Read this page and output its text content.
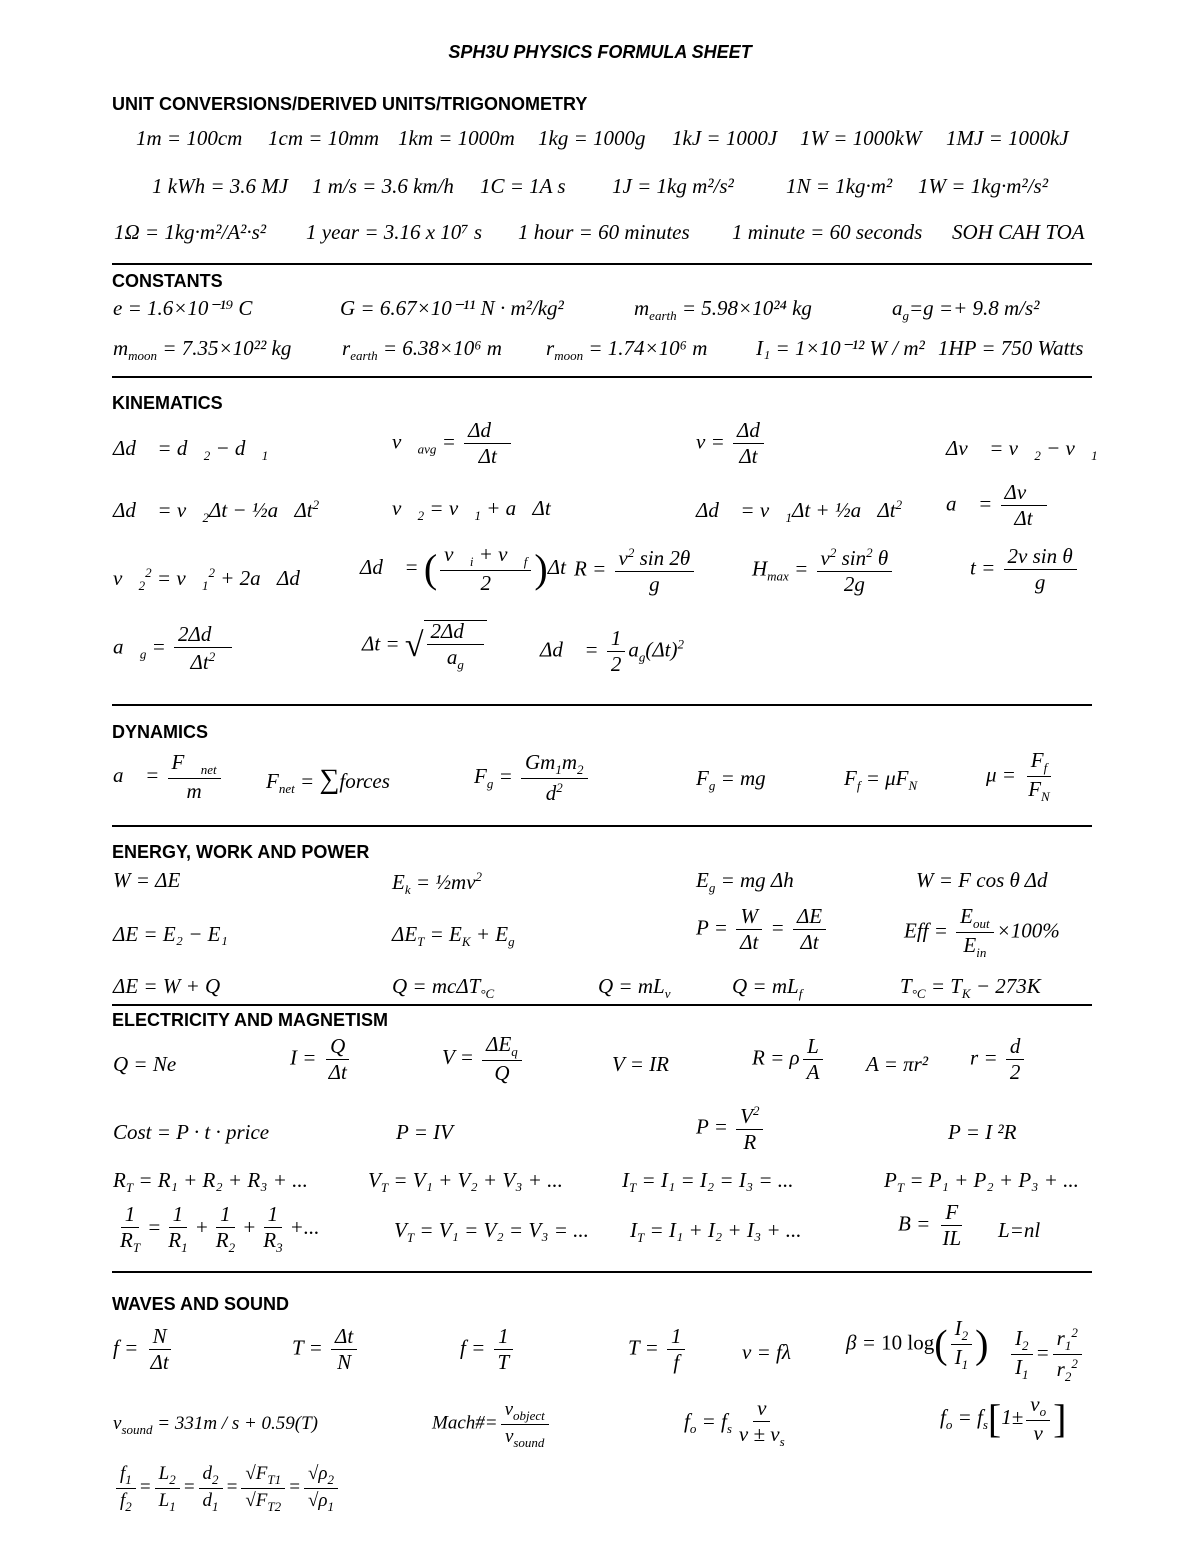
SPH3U PHYSICS FORMULA SHEET
UNIT CONVERSIONS/DERIVED UNITS/TRIGONOMETRY
1m = 100cm 1cm = 10mm 1km = 1000m 1kg = 1000g 1kJ = 1000J 1W = 1000kW 1MJ = 1000kJ
1 kWh = 3.6 MJ 1 m/s = 3.6 km/h 1C = 1A s 1J = 1kg m²/s² 1N = 1kg·m² 1W = 1kg·m²/s²
1Ω = 1kg·m²/A²·s² 1 year = 3.16 x 10⁷ s 1 hour = 60 minutes 1 minute = 60 seconds SOH CAH TOA
CONSTANTS
e = 1.6×10⁻¹⁹ C	G = 6.67×10⁻¹¹ N · m²/kg²	$m_{earth} = 5.98\times 10^{24}$ kg	$a_g=g =+ 9.8$ m/s²
$m_{moon} = 7.35\times 10^{22}$ kg $r_{earth} = 6.38\times 10^6$ m $r_{moon} = 1.74\times 10^6$ m I₁ = 1×10⁻¹² W / m² 1HP = 750 Watts
KINEMATICS
Δd⃗ = $d⃗_2$ − $d⃗_1$
$v⃗_{avg} = \frac{\Delta d⃗}{\Delta t}$	$v = \frac{\Delta d}{\Delta t}$	Δv⃗ = $v⃗_2$ − $v⃗_1$
Δd⃗ = $v⃗_2\Delta t$ − $\frac{1}{2}a⃗\Delta t^2$	$v⃗_2$ = $v⃗_1$ + a⃗Δt	Δd⃗ = $v⃗_1\Delta t$ + $\frac{1}{2}a⃗\Delta t^2$ a⃗ = $\frac{\Delta v⃗}{\Delta t}$
$v⃗_2^2$ = $v⃗_1^2$ + 2a⃗Δd⃗ Δd⃗ = ( $\frac{v⃗_i + v⃗_f}{2} )\Delta t$ $R = \frac{v^2 \sin 2\theta}{g}$	$H_{max} = \frac{v^2 \sin^2 \theta}{2g}$	$t = \frac{\text{2v sin θ}}{g}$
$a⃗_g = \frac{2\Delta d⃗}{\Delta t^2}$	Δt = √ $\frac{2\Delta d⃗}{a_g}$	Δd⃗ = $\frac{1}{2} a_g(\Delta t)^2$
DYNAMICS
a⃗ = $\frac{F⃗_{net}}{m} F_{net}$ = ∑forces	$F_g = \frac{Gm_1m_2}{d^2}$	$F_g$ = mg	$F_f = \mu F_N$	$\mu = \frac{F_f}{F_N}$
ENERGY, WORK AND POWER
W = ΔE	$E_k$ = $\frac{1}{2}mv^2$	$E_g$ = mg Δh	W = F cos θ Δd
ΔE = E₂ − E₁	$\Delta E_T = E_K + E_g$
$P = \frac{W}{\Delta t} = \frac{\Delta E}{\Delta t}$	Eff = $\frac{E_{out}}{E_{in}} \times 100\%$
ΔE = W + Q	Q = mcΔT$_{^\circ C}$	$Q = mL_v$	$Q = mL_f$	$T_{^\circ C} = T_K - 273K$
ELECTRICITY AND MAGNETISM
Q = Ne	$I = \frac{Q}{\Delta t}$	$V = \frac{\Delta E_q}{Q}$	V = IR	R = ρ $\frac{L}{A}$ A = πr² $r = \frac{d}{2}$
Cost = P · t · price	P = IV	$P = \frac{V^2}{R}$	P = I ²R
$R_T = R_1 + R_2 + R_3$ + ...	$V_T = V_1 + V_2 + V_3$ + ...	$I_T = I_1 = I_2 = I_3$ = ...	$P_T = P_1 + P_2 + P_3$ + ...
$\frac{1}{R_T} = \frac{1}{R_1} + \frac{1}{R_2} + \frac{1}{R_3}$ +...	$V_T = V_1 = V_2 = V_3$ = ... $I_T = I_1 + I_2 + I_3$ + ...	$B = \frac{F}{IL} L=nl$
WAVES AND SOUND
$f = \frac{N}{\Delta t}$	$T = \frac{\Delta t}{N}$	$f = \frac{1}{T}$	$T = \frac{1}{f}$	v = fλ	β = 10 $\log( \frac{I_2}{I_1}$ ) $\frac{I_2}{I_1} = \frac{r_1^2}{r_2^2}$
$v_{sound} = 331m / s + 0.59(T)$	Mach#= $\frac{v_{object}}{v_{sound}}$	$f_o = f_s \frac{v}{v \pm v_s}$	$f_o = f_s[1\pm \frac{v_o}{v}$ ]
$\frac{f_1}{f_2} = \frac{L_2}{L_1} = \frac{d_2}{d_1} = \frac{√F_{T1}}{√F_{T2}} = \frac{√\rho_2}{√\rho_1}$
